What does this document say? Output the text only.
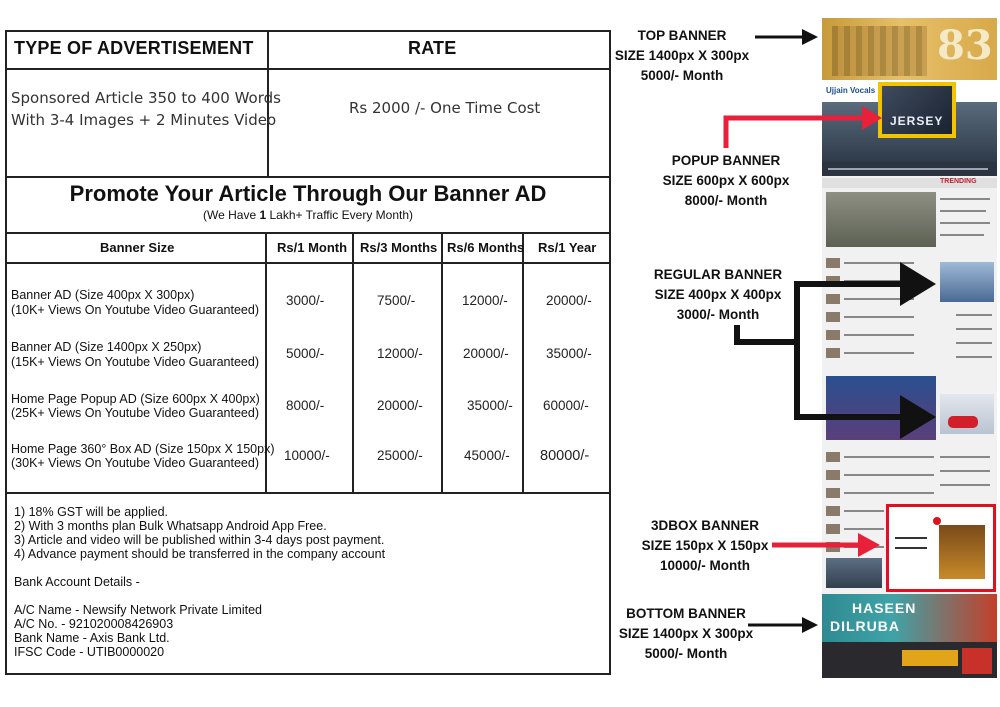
TYPE OF ADVERTISEMENT	RATE
Sponsored Article 350 to 400 Words
With 3-4 Images + 2 Minutes Video
Rs 2000 /- One Time Cost
Promote Your Article Through Our Banner AD
(We Have 1 Lakh+ Traffic Every Month)
Banner Size	Rs/1 Month Rs/3 Months Rs/6 Months Rs/1 Year
Banner AD (Size 400px X 300px)
(10K+ Views On Youtube Video Guaranteed)
3000/-	7500/-	12000/-	20000/-
Banner AD (Size 1400px X 250px)
(15K+ Views On Youtube Video Guaranteed)
5000/-	12000/-	20000/-	35000/-
Home Page Popup AD (Size 600px X 400px)
(25K+ Views On Youtube Video Guaranteed) 8000/-	20000/-	35000/- 60000/-
Home Page 360° Box AD (Size 150px X 150px)
(30K+ Views On Youtube Video Guaranteed) 10000/-	25000/-	45000/- 80000/-
1) 18% GST will be applied.
2) With 3 months plan Bulk Whatsapp Android App Free.
3) Article and video will be published within 3-4 days post payment.
4) Advance payment should be transferred in the company account
Bank Account Details -
A/C Name - Newsify Network Private Limited
A/C No. - 921020008426903
Bank Name - Axis Bank Ltd.
IFSC Code - UTIB0000020
TOP BANNER
SIZE 1400px X 300px
5000/- Month
POPUP BANNER
SIZE 600px X 600px
8000/- Month
REGULAR BANNER
SIZE 400px X 400px
3000/- Month
3DBOX BANNER
SIZE 150px X 150px
10000/- Month
BOTTOM BANNER
SIZE 1400px X 300px
5000/- Month
83
Ujjain Vocals
JERSEY
TRENDING
HASEEN
DILRUBA
